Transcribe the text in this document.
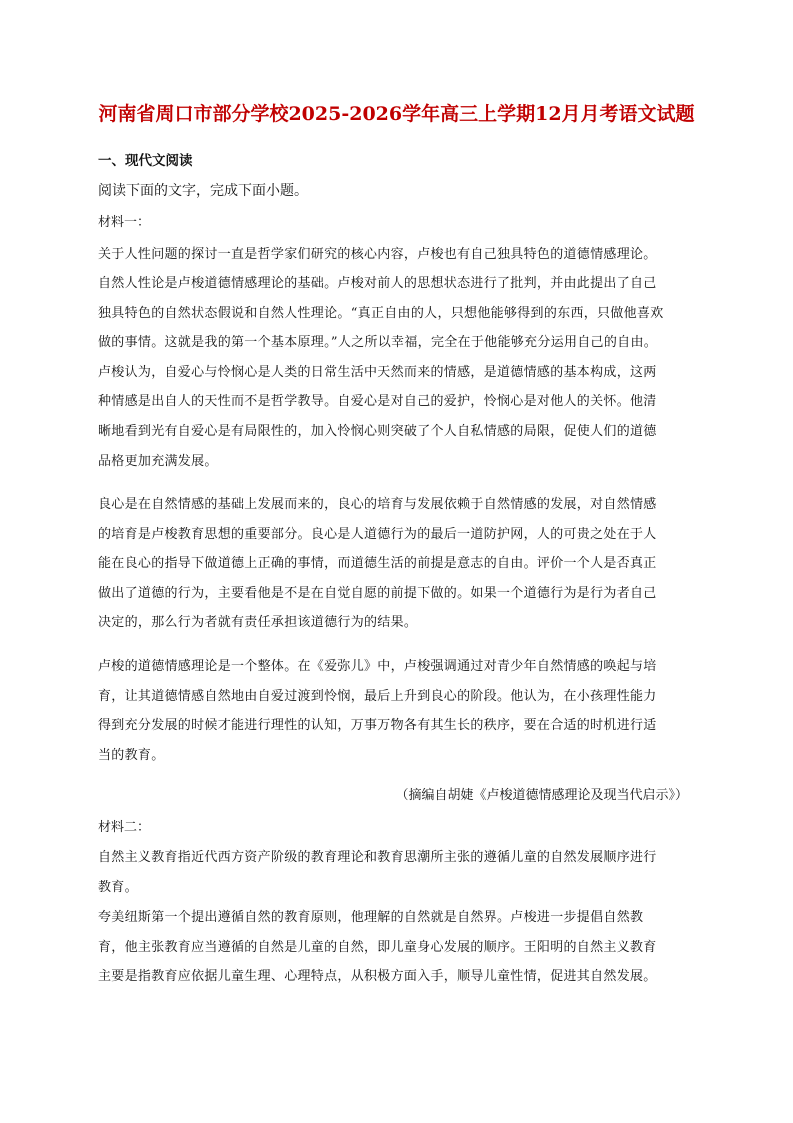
河南省周口市部分学校2025-2026学年高三上学期12月月考语文试题
一、现代文阅读
阅读下面的文字，完成下面小题。
材料一：

关于人性问题的探讨一直是哲学家们研究的核心内容，卢梭也有自己独具特色的道德情感理论。

自然人性论是卢梭道德情感理论的基础。卢梭对前人的思想状态进行了批判，并由此提出了自己
独具特色的自然状态假说和自然人性理论。“真正自由的人，只想他能够得到的东西，只做他喜欢
做的事情。这就是我的第一个基本原理。”人之所以幸福，完全在于他能够充分运用自己的自由。
卢梭认为，自爱心与怜悯心是人类的日常生活中天然而来的情感，是道德情感的基本构成，这两
种情感是出自人的天性而不是哲学教导。自爱心是对自己的爱护，怜悯心是对他人的关怀。他清
晰地看到光有自爱心是有局限性的，加入怜悯心则突破了个人自私情感的局限，促使人们的道德
品格更加充满发展。

良心是在自然情感的基础上发展而来的，良心的培育与发展依赖于自然情感的发展，对自然情感
的培育是卢梭教育思想的重要部分。良心是人道德行为的最后一道防护网，人的可贵之处在于人
能在良心的指导下做道德上正确的事情，而道德生活的前提是意志的自由。评价一个人是否真正
做出了道德的行为，主要看他是不是在自觉自愿的前提下做的。如果一个道德行为是行为者自己
决定的，那么行为者就有责任承担该道德行为的结果。

卢梭的道德情感理论是一个整体。在《爱弥儿》中，卢梭强调通过对青少年自然情感的唤起与培
育，让其道德情感自然地由自爱过渡到怜悯，最后上升到良心的阶段。他认为，在小孩理性能力
得到充分发展的时候才能进行理性的认知，万事万物各有其生长的秩序，要在合适的时机进行适
当的教育。

（摘编自胡婕《卢梭道德情感理论及现当代启示》）
材料二：

自然主义教育指近代西方资产阶级的教育理论和教育思潮所主张的遵循儿童的自然发展顺序进行
教育。

夸美纽斯第一个提出遵循自然的教育原则，他理解的自然就是自然界。卢梭进一步提倡自然教
育，他主张教育应当遵循的自然是儿童的自然，即儿童身心发展的顺序。王阳明的自然主义教育
主要是指教育应依据儿童生理、心理特点，从积极方面入手，顺导儿童性情，促进其自然发展。
